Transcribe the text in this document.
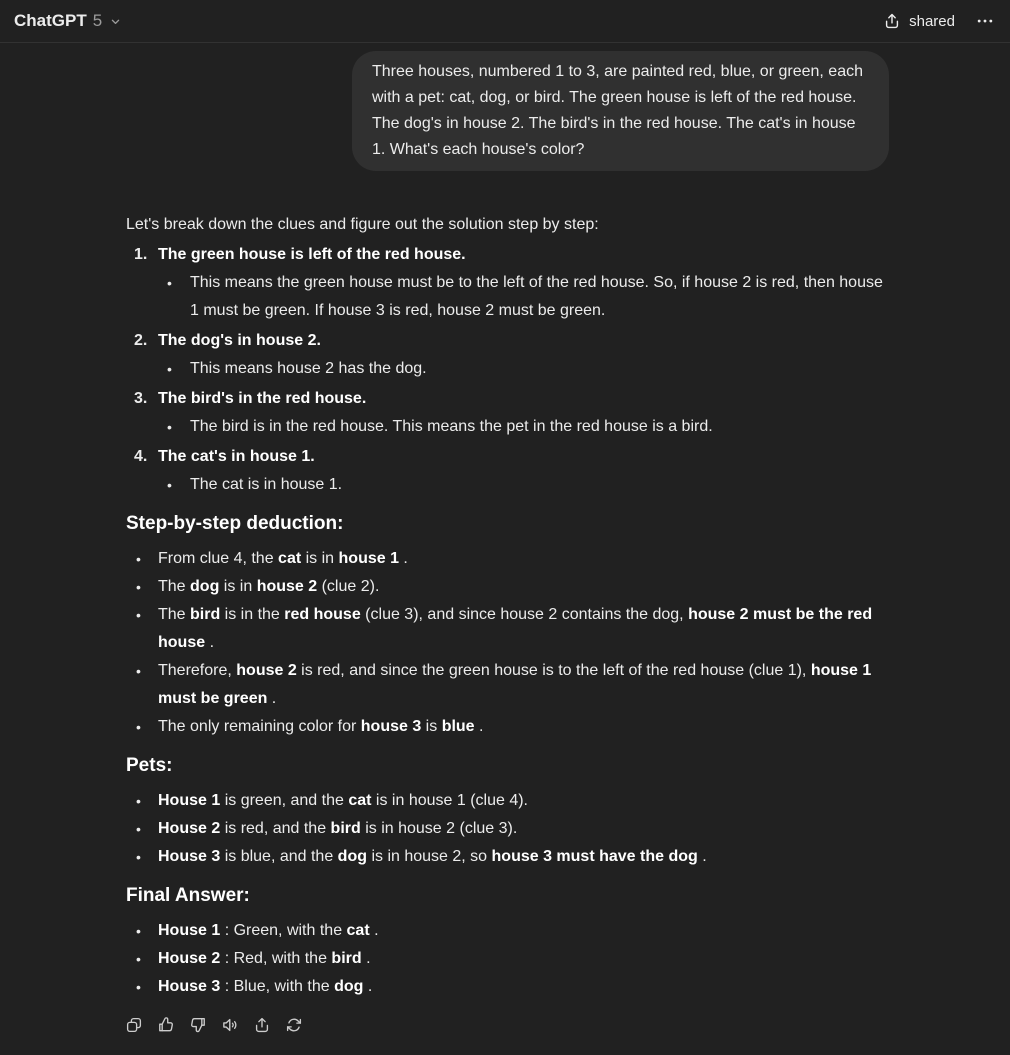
ChatGPT 5	shared
Three houses, numbered 1 to 3, are painted red, blue, or green, each with a pet: cat, dog, or bird. The green house is left of the red house. The dog's in house 2. The bird's in the red house. The cat's in house 1. What's each house's color?

Let's break down the clues and figure out the solution step by step:

1. The green house is left of the red house.
•	This means the green house must be to the left of the red house. So, if house 2 is red, then house 1 must be green. If house 3 is red, house 2 must be green.
2. The dog's in house 2.
•	This means house 2 has the dog.
3. The bird's in the red house.
•	The bird is in the red house. This means the pet in the red house is a bird.
4. The cat's in house 1.
•	The cat is in house 1.
Step-by-step deduction:
•	From clue 4, the cat is in house 1 .
•	The dog is in house 2 (clue 2).
•	The bird is in the red house (clue 3), and since house 2 contains the dog, house 2 must be the red house .
•	Therefore, house 2 is red, and since the green house is to the left of the red house (clue 1), house 1 must be green .
•	The only remaining color for house 3 is blue .
Pets:
•	House 1 is green, and the cat is in house 1 (clue 4).
•	House 2 is red, and the bird is in house 2 (clue 3).
•	House 3 is blue, and the dog is in house 2, so house 3 must have the dog .
Final Answer:
•	House 1 : Green, with the cat .
•	House 2 : Red, with the bird .
•	House 3 : Blue, with the dog .
